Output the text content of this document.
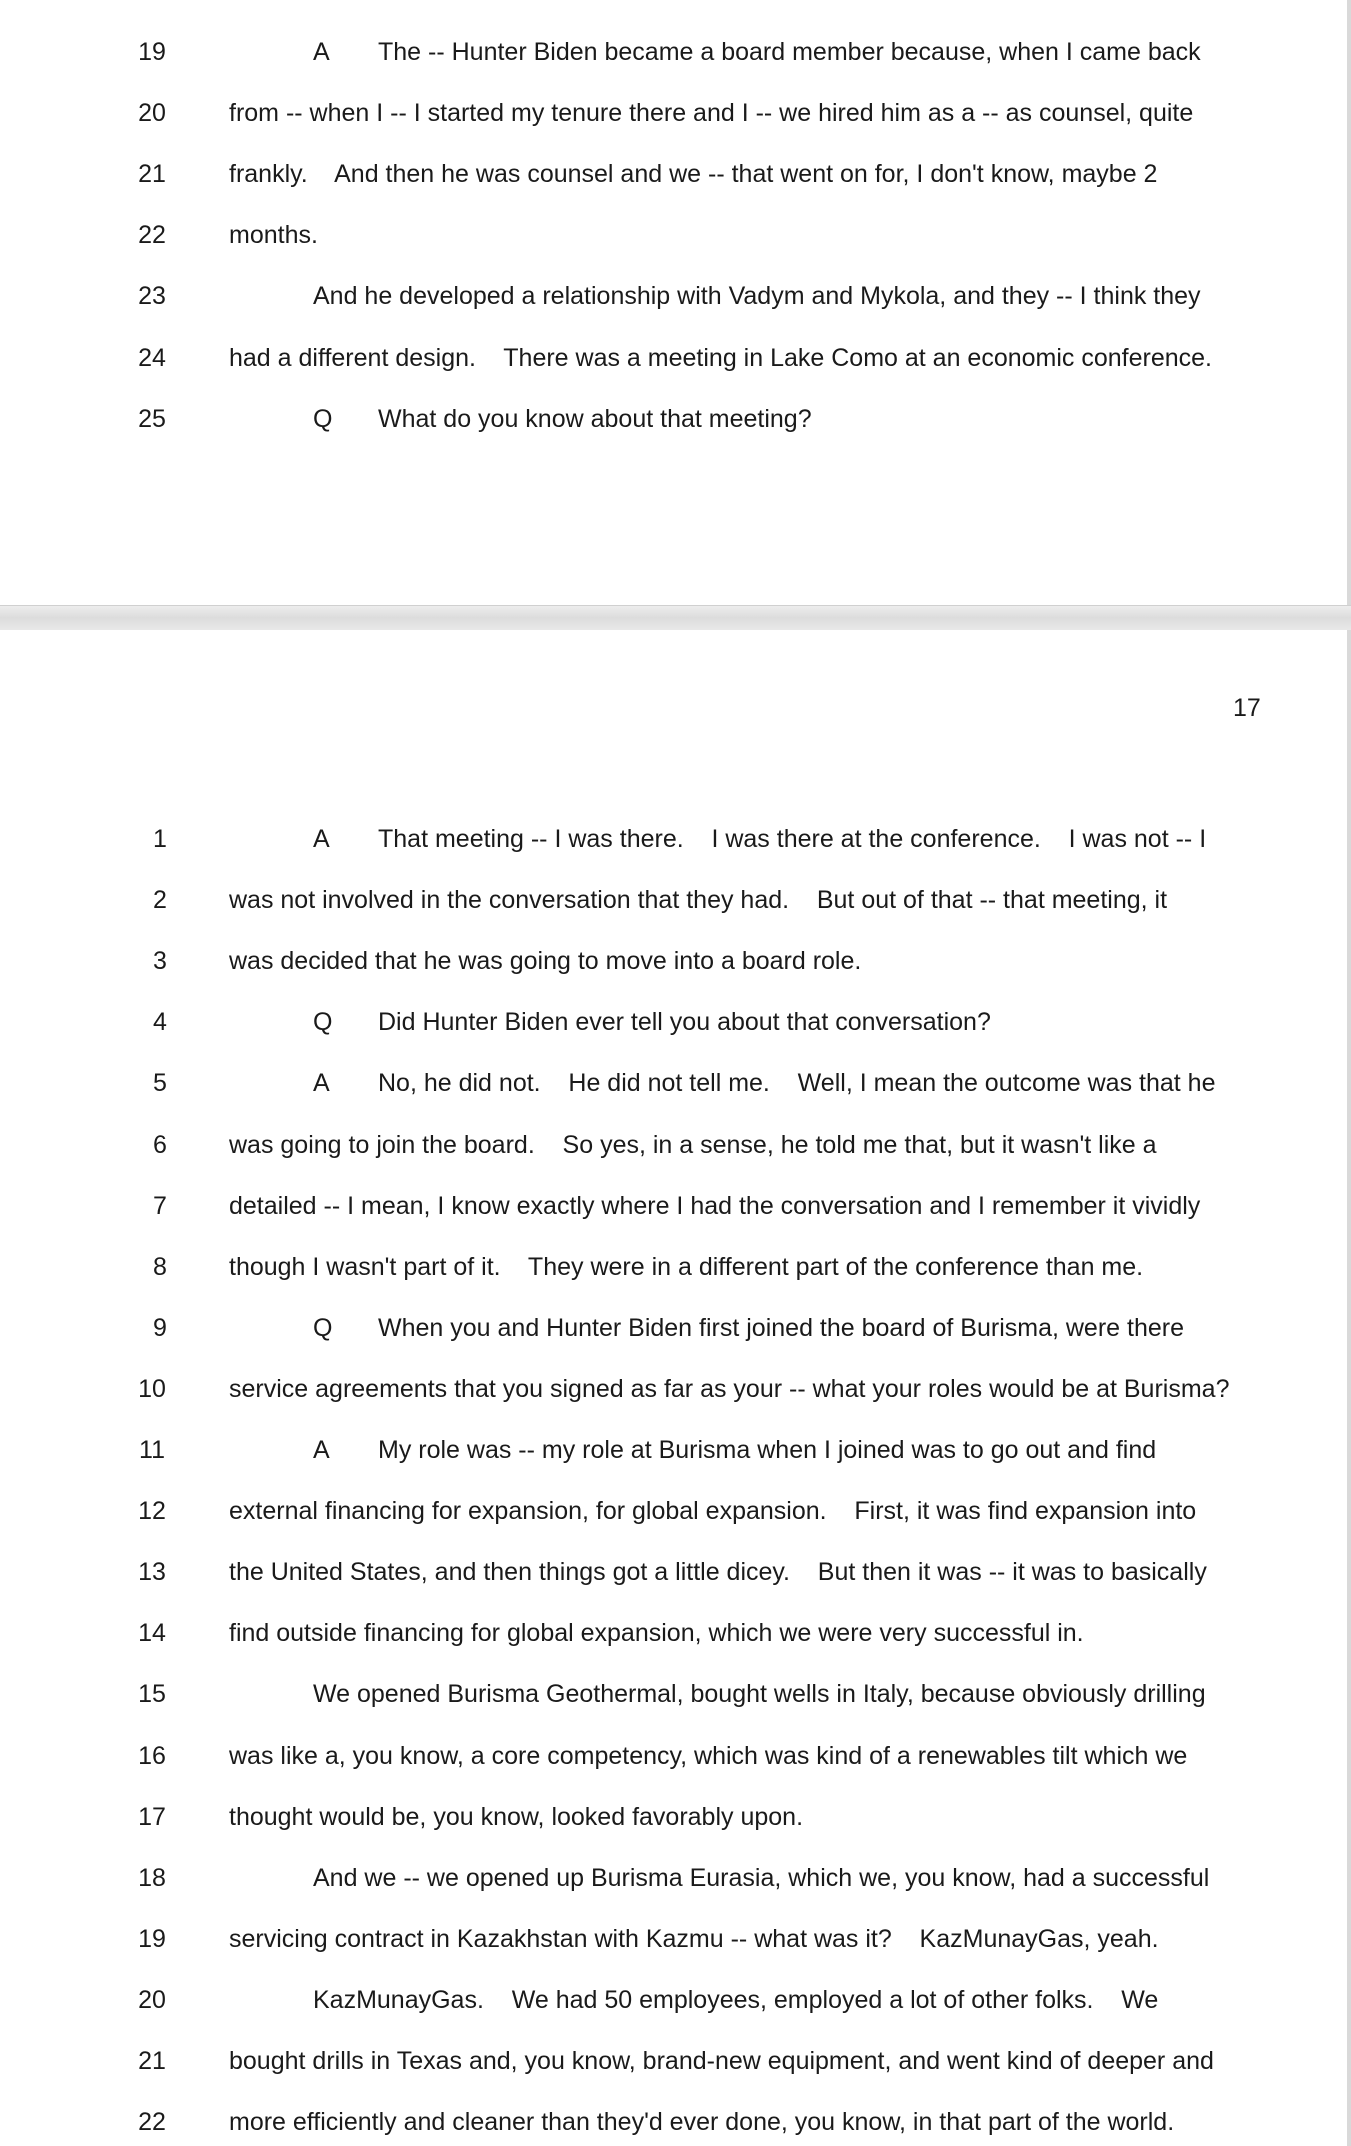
19	A The -- Hunter Biden became a board member because, when I came back
20	from -- when I -- I started my tenure there and I -- we hired him as a -- as counsel, quite
21	frankly.    And then he was counsel and we -- that went on for, I don't know, maybe 2
22	months.
23	And he developed a relationship with Vadym and Mykola, and they -- I think they
24	had a different design.    There was a meeting in Lake Como at an economic conference.
25	Q What do you know about that meeting?
1	A That meeting -- I was there.    I was there at the conference.    I was not -- I
2	was not involved in the conversation that they had.    But out of that -- that meeting, it
3	was decided that he was going to move into a board role.
4	Q Did Hunter Biden ever tell you about that conversation?
5	A No, he did not.    He did not tell me.    Well, I mean the outcome was that he
6	was going to join the board.    So yes, in a sense, he told me that, but it wasn't like a
7	detailed -- I mean, I know exactly where I had the conversation and I remember it vividly
8	though I wasn't part of it.    They were in a different part of the conference than me.
9	Q When you and Hunter Biden first joined the board of Burisma, were there
10	service agreements that you signed as far as your -- what your roles would be at Burisma?
11	A My role was -- my role at Burisma when I joined was to go out and find
12	external financing for expansion, for global expansion.    First, it was find expansion into
13	the United States, and then things got a little dicey.    But then it was -- it was to basically
14	find outside financing for global expansion, which we were very successful in.
15	We opened Burisma Geothermal, bought wells in Italy, because obviously drilling
16	was like a, you know, a core competency, which was kind of a renewables tilt which we
17	thought would be, you know, looked favorably upon.
18	And we -- we opened up Burisma Eurasia, which we, you know, had a successful
19	servicing contract in Kazakhstan with Kazmu -- what was it?    KazMunayGas, yeah.
20	KazMunayGas.    We had 50 employees, employed a lot of other folks.    We
21	bought drills in Texas and, you know, brand-new equipment, and went kind of deeper and
22	more efficiently and cleaner than they'd ever done, you know, in that part of the world.
17
